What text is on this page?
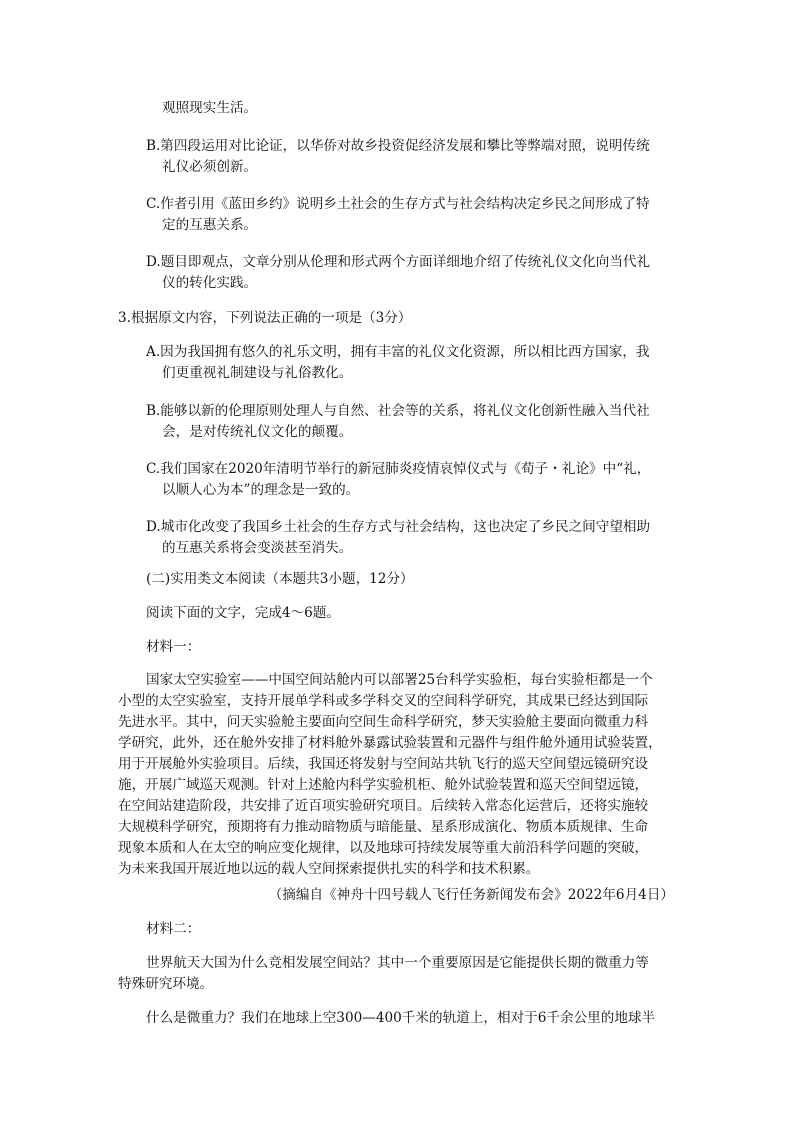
观照现实生活。
B.第四段运用对比论证，以华侨对故乡投资促经济发展和攀比等弊端对照，说明传统
礼仪必须创新。
C.作者引用《蓝田乡约》说明乡土社会的生存方式与社会结构决定乡民之间形成了特
定的互惠关系。
D.题目即观点，文章分别从伦理和形式两个方面详细地介绍了传统礼仪文化向当代礼
仪的转化实践。
3.根据原文内容，下列说法正确的一项是（3分）
A.因为我国拥有悠久的礼乐文明，拥有丰富的礼仪文化资源，所以相比西方国家，我
们更重视礼制建设与礼俗教化。
B.能够以新的伦理原则处理人与自然、社会等的关系，将礼仪文化创新性融入当代社
会，是对传统礼仪文化的颠覆。
C.我们国家在2020年清明节举行的新冠肺炎疫情哀悼仪式与《荀子・礼论》中“礼，
以顺人心为本”的理念是一致的。
D.城市化改变了我国乡土社会的生存方式与社会结构，这也决定了乡民之间守望相助
的互惠关系将会变淡甚至消失。
(二)实用类文本阅读（本题共3小题，12分）
阅读下面的文字，完成4～6题。
材料一：
国家太空实验室——中国空间站舱内可以部署25台科学实验柜，每台实验柜都是一个
小型的太空实验室，支持开展单学科或多学科交叉的空间科学研究，其成果已经达到国际
先进水平。其中，问天实验舱主要面向空间生命科学研究，梦天实验舱主要面向微重力科
学研究，此外，还在舱外安排了材料舱外暴露试验装置和元器件与组件舱外通用试验装置，
用于开展舱外实验项目。后续，我国还将发射与空间站共轨飞行的巡天空间望远镜研究设
施，开展广域巡天观测。针对上述舱内科学实验机柜、舱外试验装置和巡天空间望远镜，
在空间站建造阶段，共安排了近百项实验研究项目。后续转入常态化运营后，还将实施较
大规模科学研究，预期将有力推动暗物质与暗能量、星系形成演化、物质本质规律、生命
现象本质和人在太空的响应变化规律，以及地球可持续发展等重大前沿科学问题的突破，
为未来我国开展近地以远的载人空间探索提供扎实的科学和技术积累。
（摘编自《神舟十四号载人飞行任务新闻发布会》2022年6月4日）
材料二：
世界航天大国为什么竞相发展空间站？其中一个重要原因是它能提供长期的微重力等
特殊研究环境。
什么是微重力？我们在地球上空300—400千米的轨道上，相对于6千余公里的地球半
